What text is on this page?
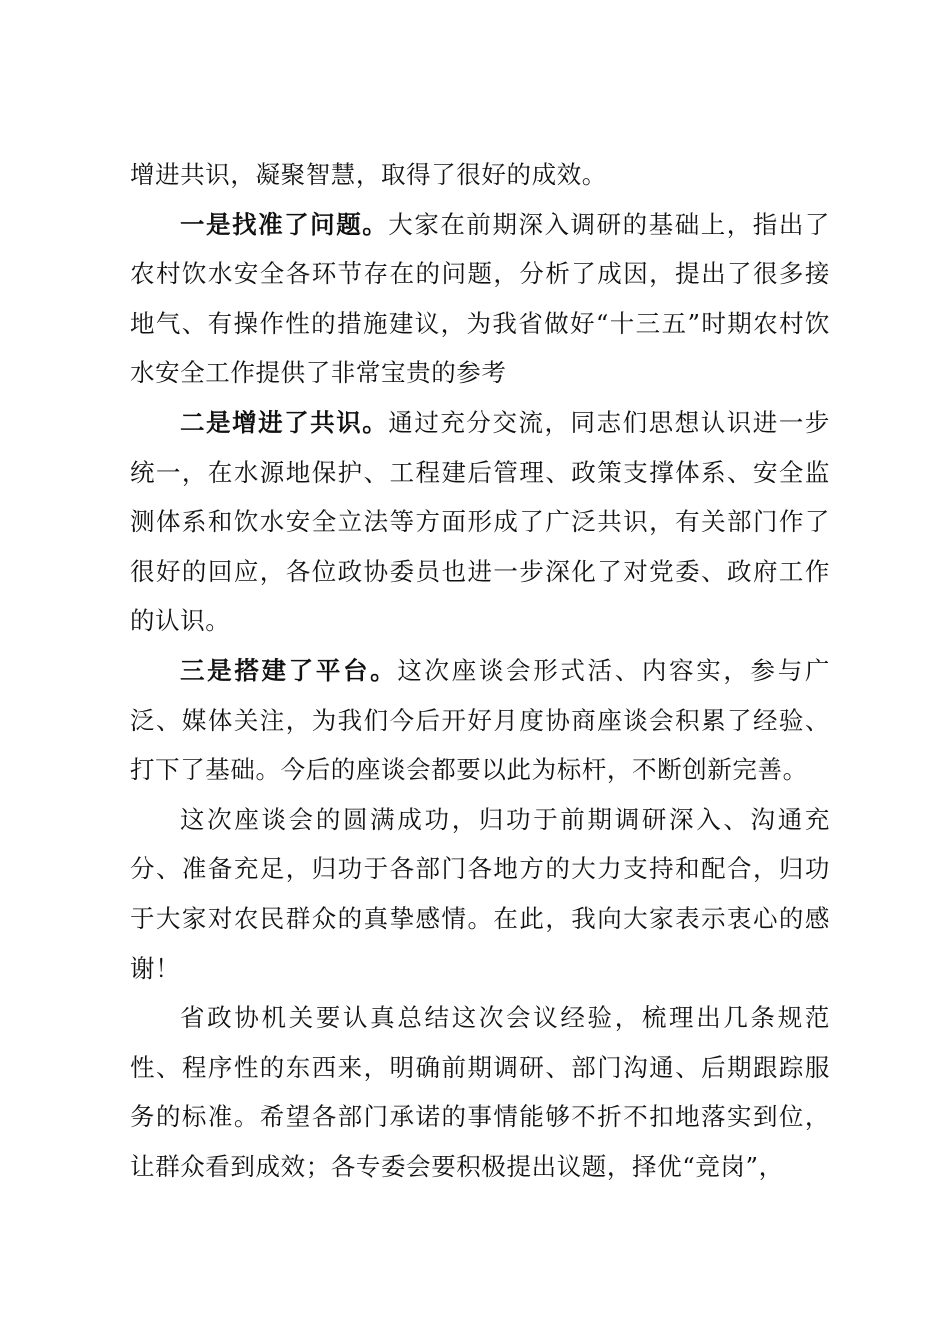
增进共识，凝聚智慧，取得了很好的成效。

一是找准了问题。大家在前期深入调研的基础上，指出了农村饮水安全各环节存在的问题，分析了成因，提出了很多接地气、有操作性的措施建议，为我省做好“十三五”时期农村饮水安全工作提供了非常宝贵的参考

二是增进了共识。通过充分交流，同志们思想认识进一步统一，在水源地保护、工程建后管理、政策支撑体系、安全监测体系和饮水安全立法等方面形成了广泛共识，有关部门作了很好的回应，各位政协委员也进一步深化了对党委、政府工作的认识。

三是搭建了平台。这次座谈会形式活、内容实，参与广泛、媒体关注，为我们今后开好月度协商座谈会积累了经验、打下了基础。今后的座谈会都要以此为标杆，不断创新完善。

这次座谈会的圆满成功，归功于前期调研深入、沟通充分、准备充足，归功于各部门各地方的大力支持和配合，归功于大家对农民群众的真挚感情。在此，我向大家表示衷心的感谢！

省政协机关要认真总结这次会议经验，梳理出几条规范性、程序性的东西来，明确前期调研、部门沟通、后期跟踪服务的标准。希望各部门承诺的事情能够不折不扣地落实到位，让群众看到成效；各专委会要积极提出议题，择优“竞岗”，
